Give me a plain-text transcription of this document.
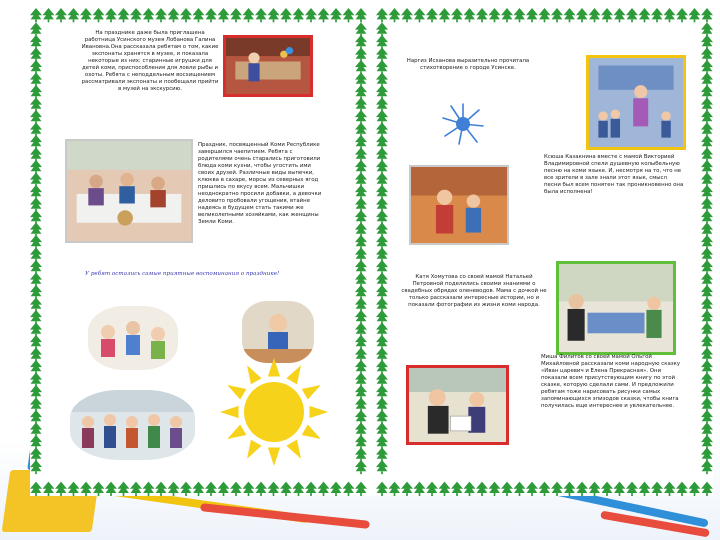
На празднике даже была приглашена работница Усинского музея Лобанова Галина Ивановна.Она рассказала ребятам о том, какие экспонаты хранятся в музее, и показала некоторые из них: старинные игрушки для детей коми, приспособления для ловли рыбы и охоты. Ребята с неподдельным восхищением рассматривали экспонаты и пообещали прийти в музей на экскурсию.
Праздник, посвященный Коми Республике завершился чаепитием. Ребята с родителями очень старались приготовили блюда коми кухни, чтобы угостить ими своих друзей. Различные виды выпечки, клюква в сахаре, морсы из северных ягод пришлись по вкусу всем. Мальчишки неоднократно просили добавки, а девочки деловито пробовали угощения, втайне надеясь в будущем стать такими же великолепными хозяйками, как женщины Земли Коми.
У ребят остались самые приятные воспоминания о празднике!
Наргиз Исханова выразительно прочитала стихотворение о городе Усинске.
Ксюша Казакнина вместе с мамой Викторией Владимировной спели душевную колыбельную песню на коми языке. И, несмотря на то, что не все зрители в зале знали этот язык, смысл песни был всем понятен так проникновенно она была исполнена!
Катя Хомутова со своей мамой Натальей Петровной поделились своими знаниями о свадебных обрядах оленеводов. Мама с дочкой не только рассказали интересные истории, но и показали фотографии из жизни коми народа.
Миша Филитов со своей мамой Ольгой Михайловной рассказали коми народную сказку «Иван царевич и Елена Прекрасная». Они показали всем присутствующим книгу по этой сказке, которую сделали сами. И предложили ребятам тоже нарисовать рисунки самых запоминающихся эпизодов сказки, чтобы книга получилась еще интереснее и увлекательнее.
